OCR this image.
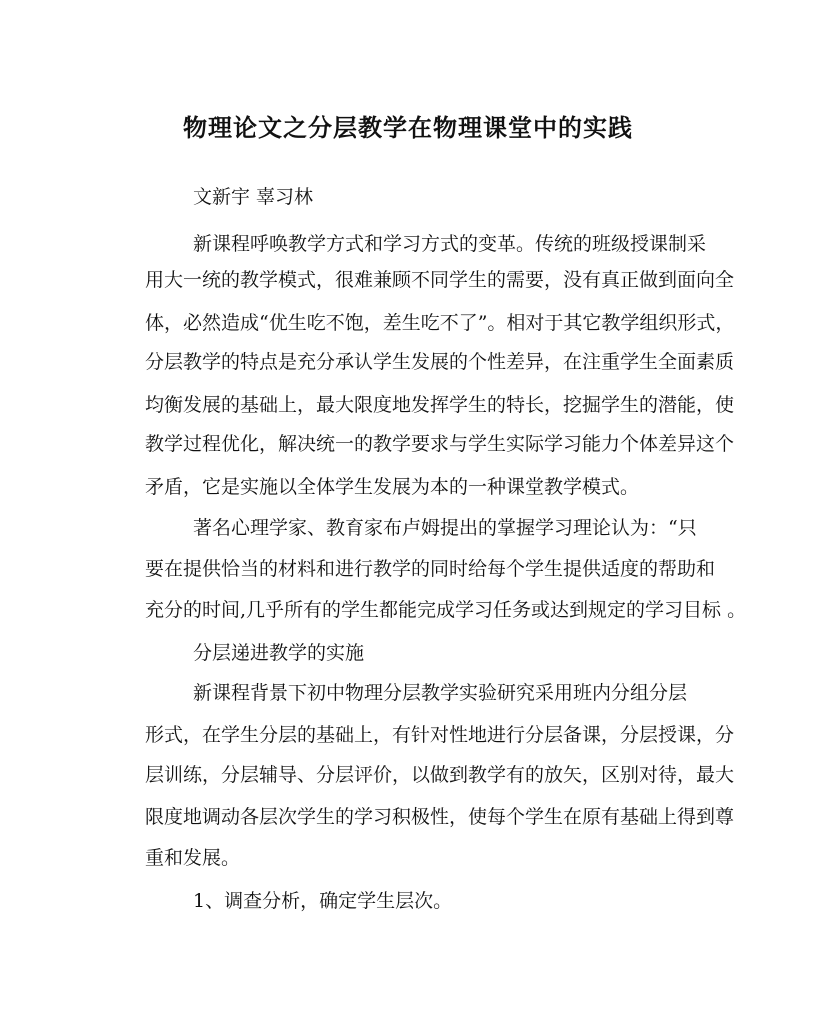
物理论文之分层教学在物理课堂中的实践

文新宇 辜习林

新课程呼唤教学方式和学习方式的变革。传统的班级授课制采

用大一统的教学模式，很难兼顾不同学生的需要，没有真正做到面向全

体，必然造成“优生吃不饱，差生吃不了”。相对于其它教学组织形式，

分层教学的特点是充分承认学生发展的个性差异，在注重学生全面素质

均衡发展的基础上，最大限度地发挥学生的特长，挖掘学生的潜能，使

教学过程优化，解决统一的教学要求与学生实际学习能力个体差异这个

矛盾，它是实施以全体学生发展为本的一种课堂教学模式。

著名心理学家、教育家布卢姆提出的掌握学习理论认为：“只

要在提供恰当的材料和进行教学的同时给每个学生提供适度的帮助和

充分的时间,几乎所有的学生都能完成学习任务或达到规定的学习目标 。

分层递进教学的实施

新课程背景下初中物理分层教学实验研究采用班内分组分层

形式，在学生分层的基础上，有针对性地进行分层备课，分层授课，分

层训练，分层辅导、分层评价，以做到教学有的放矢，区别对待，最大

限度地调动各层次学生的学习积极性，使每个学生在原有基础上得到尊

重和发展。

1、调查分析，确定学生层次。
